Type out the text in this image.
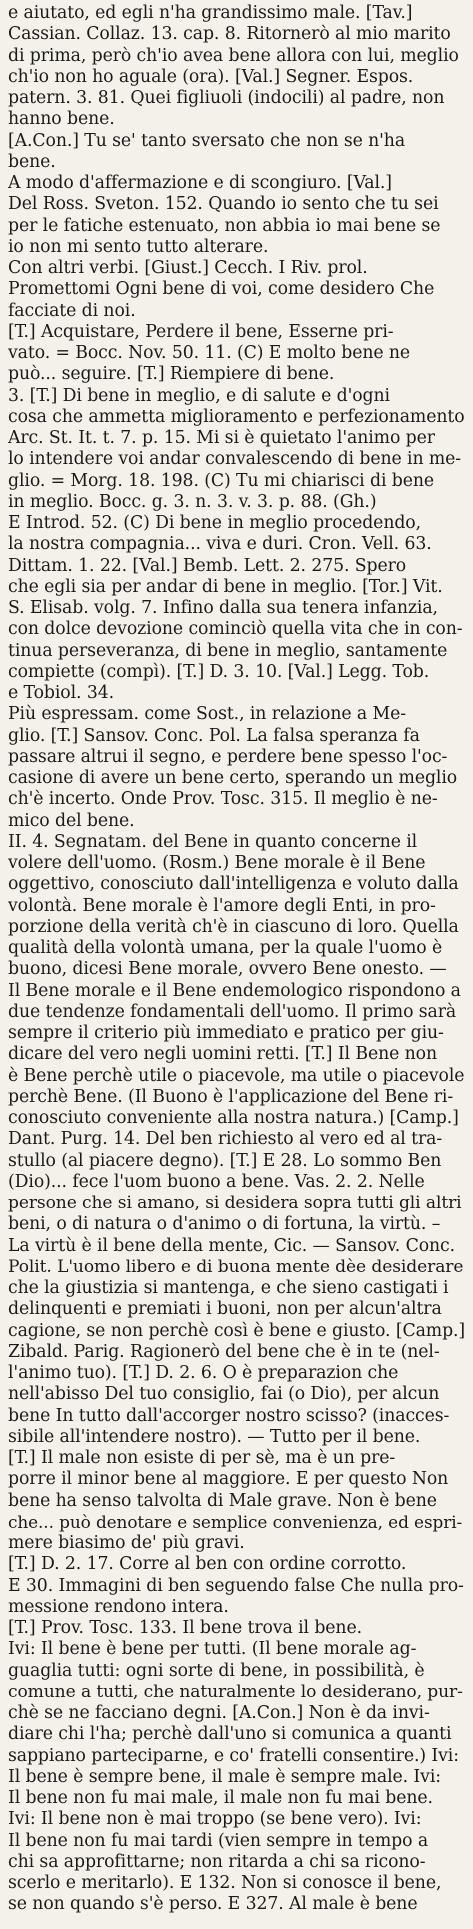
e aiutato, ed egli n'ha grandissimo male. [Tav.]
Cassian. Collaz. 13. cap. 8. Ritornerò al mio marito
di prima, però ch'io avea bene allora con lui, meglio
ch'io non ho aguale (ora). [Val.] Segner. Espos.
patern. 3. 81. Quei figliuoli (indocili) al padre, non
hanno bene.
[A.Con.] Tu se' tanto sversato che non se n'ha
bene.
A modo d'affermazione e di scongiuro. [Val.]
Del Ross. Sveton. 152. Quando io sento che tu sei
per le fatiche estenuato, non abbia io mai bene se
io non mi sento tutto alterare.
Con altri verbi. [Giust.] Cecch. I Riv. prol.
Promettomi Ogni bene di voi, come desidero Che
facciate di noi.
[T.] Acquistare, Perdere il bene, Esserne pri-
vato. = Bocc. Nov. 50. 11. (C) E molto bene ne
può... seguire. [T.] Riempiere di bene.
3. [T.] Di bene in meglio, e di salute e d'ogni
cosa che ammetta miglioramento e perfezionamento
Arc. St. It. t. 7. p. 15. Mi si è quietato l'animo per
lo intendere voi andar convalescendo di bene in me-
glio. = Morg. 18. 198. (C) Tu mi chiarisci di bene
in meglio. Bocc. g. 3. n. 3. v. 3. p. 88. (Gh.)
E Introd. 52. (C) Di bene in meglio procedendo,
la nostra compagnia... viva e duri. Cron. Vell. 63.
Dittam. 1. 22. [Val.] Bemb. Lett. 2. 275. Spero
che egli sia per andar di bene in meglio. [Tor.] Vit.
S. Elisab. volg. 7. Infino dalla sua tenera infanzia,
con dolce devozione cominciò quella vita che in con-
tinua perseveranza, di bene in meglio, santamente
compiette (compì). [T.] D. 3. 10. [Val.] Legg. Tob.
e Tobiol. 34.
Più espressam. come Sost., in relazione a Me-
glio. [T.] Sansov. Conc. Pol. La falsa speranza fa
passare altrui il segno, e perdere bene spesso l'oc-
casione di avere un bene certo, sperando un meglio
ch'è incerto. Onde Prov. Tosc. 315. Il meglio è ne-
mico del bene.
II. 4. Segnatam. del Bene in quanto concerne il
volere dell'uomo. (Rosm.) Bene morale è il Bene
oggettivo, conosciuto dall'intelligenza e voluto dalla
volontà. Bene morale è l'amore degli Enti, in pro-
porzione della verità ch'è in ciascuno di loro. Quella
qualità della volontà umana, per la quale l'uomo è
buono, dicesi Bene morale, ovvero Bene onesto. —
Il Bene morale e il Bene endemologico rispondono a
due tendenze fondamentali dell'uomo. Il primo sarà
sempre il criterio più immediato e pratico per giu-
dicare del vero negli uomini retti. [T.] Il Bene non
è Bene perchè utile o piacevole, ma utile o piacevole
perchè Bene. (Il Buono è l'applicazione del Bene ri-
conosciuto conveniente alla nostra natura.) [Camp.]
Dant. Purg. 14. Del ben richiesto al vero ed al tra-
stullo (al piacere degno). [T.] E 28. Lo sommo Ben
(Dio)... fece l'uom buono a bene. Vas. 2. 2. Nelle
persone che si amano, si desidera sopra tutti gli altri
beni, o di natura o d'animo o di fortuna, la virtù. –
La virtù è il bene della mente, Cic. — Sansov. Conc.
Polit. L'uomo libero e di buona mente dèe desiderare
che la giustizia si mantenga, e che sieno castigati i
delinquenti e premiati i buoni, non per alcun'altra
cagione, se non perchè così è bene e giusto. [Camp.]
Zibald. Parig. Ragionerò del bene che è in te (nel-
l'animo tuo). [T.] D. 2. 6. O è preparazion che
nell'abisso Del tuo consiglio, fai (o Dio), per alcun
bene In tutto dall'accorger nostro scisso? (inacces-
sibile all'intendere nostro). — Tutto per il bene.
[T.] Il male non esiste di per sè, ma è un pre-
porre il minor bene al maggiore. E per questo Non
bene ha senso talvolta di Male grave. Non è bene
che... può denotare e semplice convenienza, ed espri-
mere biasimo de' più gravi.
[T.] D. 2. 17. Corre al ben con ordine corrotto.
E 30. Immagini di ben seguendo false Che nulla pro-
messione rendono intera.
[T.] Prov. Tosc. 133. Il bene trova il bene.
Ivi: Il bene è bene per tutti. (Il bene morale ag-
guaglia tutti: ogni sorte di bene, in possibilità, è
comune a tutti, che naturalmente lo desiderano, pur-
chè se ne facciano degni. [A.Con.] Non è da invi-
diare chi l'ha; perchè dall'uno si comunica a quanti
sappiano parteciparne, e co' fratelli consentire.) Ivi:
Il bene è sempre bene, il male è sempre male. Ivi:
Il bene non fu mai male, il male non fu mai bene.
Ivi: Il bene non è mai troppo (se bene vero). Ivi:
Il bene non fu mai tardi (vien sempre in tempo a
chi sa approfittarne; non ritarda a chi sa ricono-
scerlo e meritarlo). E 132. Non si conosce il bene,
se non quando s'è perso. E 327. Al male è bene
